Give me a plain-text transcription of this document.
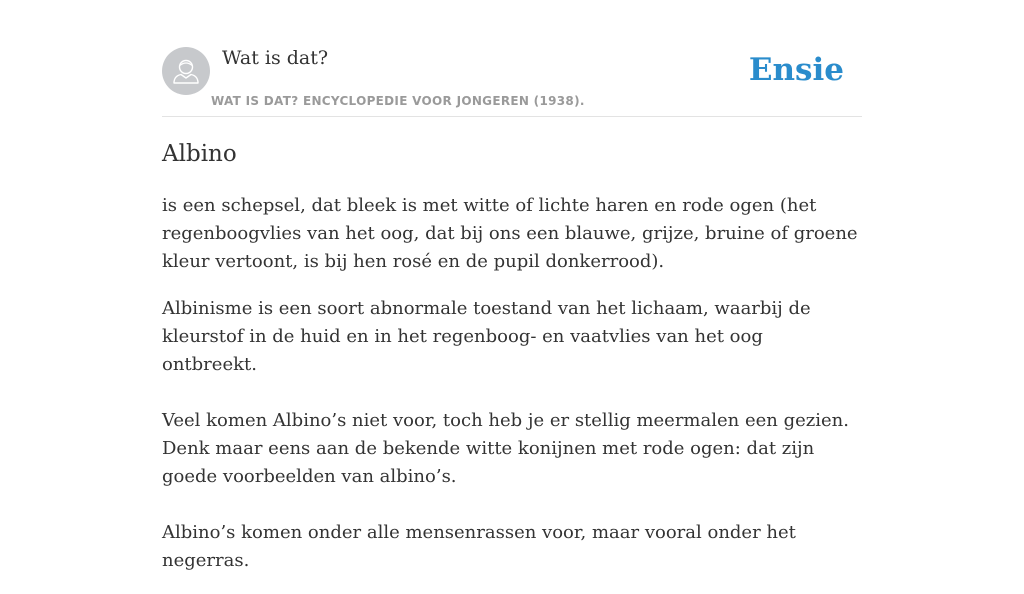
Wat is dat?
WAT IS DAT? ENCYCLOPEDIE VOOR JONGEREN (1938).
Ensie
Albino

is een schepsel, dat bleek is met witte of lichte haren en rode ogen (het regenboogvlies van het oog, dat bij ons een blauwe, grijze, bruine of groene kleur vertoont, is bij hen rosé en de pupil donkerrood).

Albinisme is een soort abnormale toestand van het lichaam, waarbij de kleurstof in de huid en in het regenboog- en vaatvlies van het oog ontbreekt.

Veel komen Albino’s niet voor, toch heb je er stellig meermalen een gezien. Denk maar eens aan de bekende witte konijnen met rode ogen: dat zijn goede voorbeelden van albino’s.

Albino’s komen onder alle mensenrassen voor, maar vooral onder het negerras.
